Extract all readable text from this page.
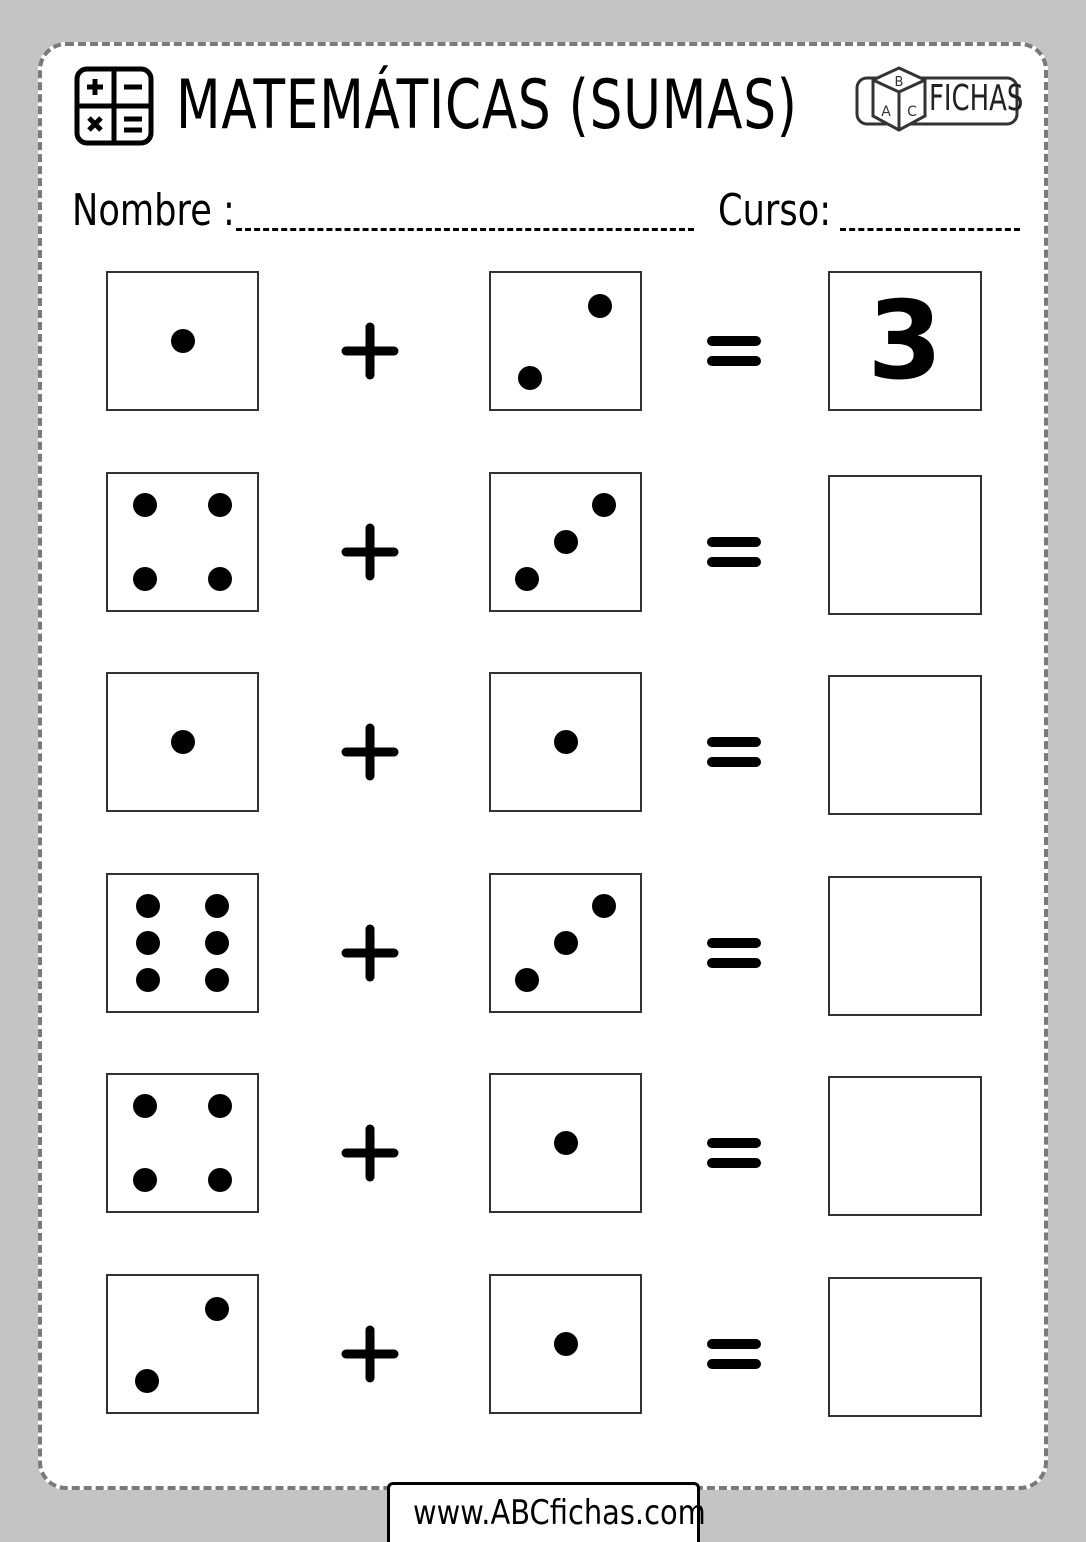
MATEMÁTICAS (SUMAS)	B
A C FICHAS
Nombre :	Curso:
3
www.ABCfichas.com
